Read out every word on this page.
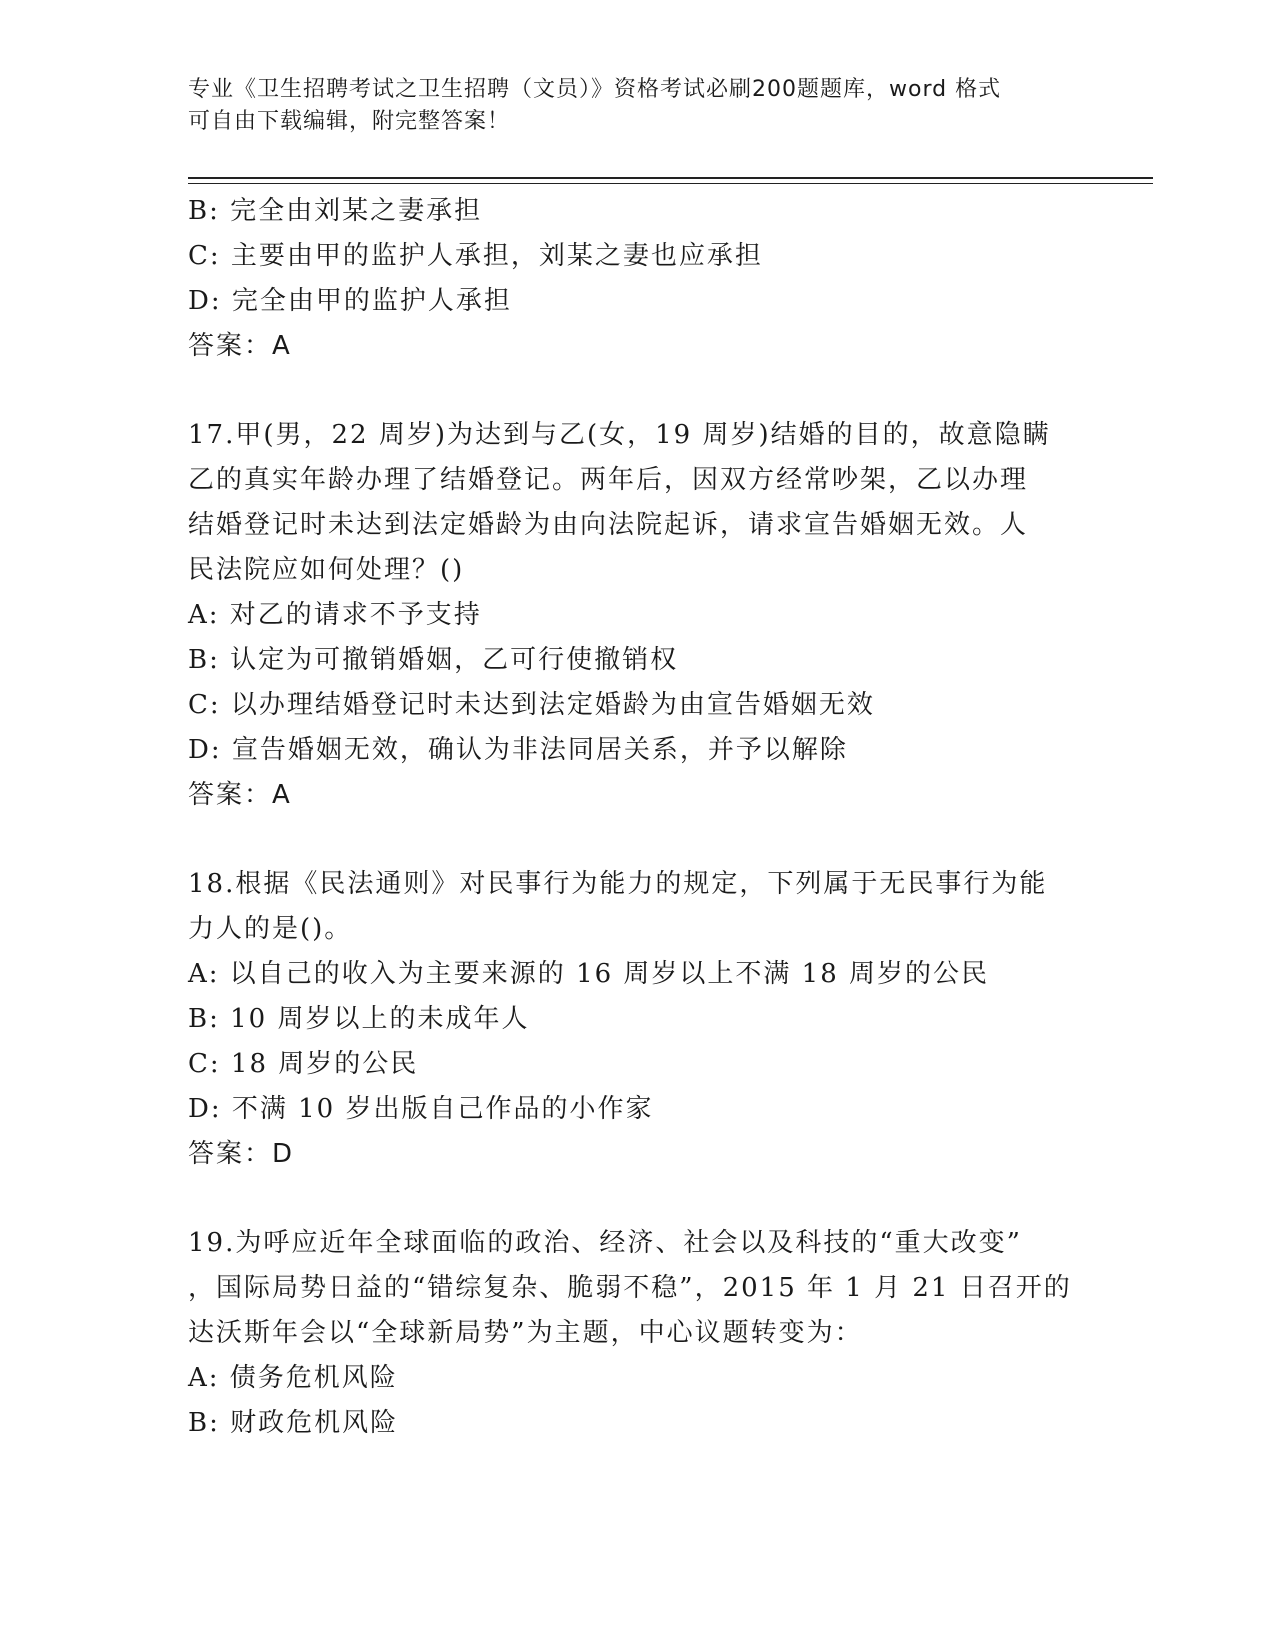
专业《卫生招聘考试之卫生招聘（文员）》资格考试必刷200题题库，word 格式
可自由下载编辑，附完整答案！
B: 完全由刘某之妻承担
C: 主要由甲的监护人承担，刘某之妻也应承担
D: 完全由甲的监护人承担
答案：A
17.甲(男，22 周岁)为达到与乙(女，19 周岁)结婚的目的，故意隐瞒
乙的真实年龄办理了结婚登记。两年后，因双方经常吵架，乙以办理
结婚登记时未达到法定婚龄为由向法院起诉，请求宣告婚姻无效。人
民法院应如何处理？()
A: 对乙的请求不予支持
B: 认定为可撤销婚姻，乙可行使撤销权
C: 以办理结婚登记时未达到法定婚龄为由宣告婚姻无效
D: 宣告婚姻无效，确认为非法同居关系，并予以解除
答案：A
18.根据《民法通则》对民事行为能力的规定，下列属于无民事行为能
力人的是()。
A: 以自己的收入为主要来源的 16 周岁以上不满 18 周岁的公民
B: 10 周岁以上的未成年人
C: 18 周岁的公民
D: 不满 10 岁出版自己作品的小作家
答案：D
19.为呼应近年全球面临的政治、经济、社会以及科技的“重大改变”
，国际局势日益的“错综复杂、脆弱不稳”，2015 年 1 月 21 日召开的
达沃斯年会以“全球新局势”为主题，中心议题转变为：
A: 债务危机风险
B: 财政危机风险
